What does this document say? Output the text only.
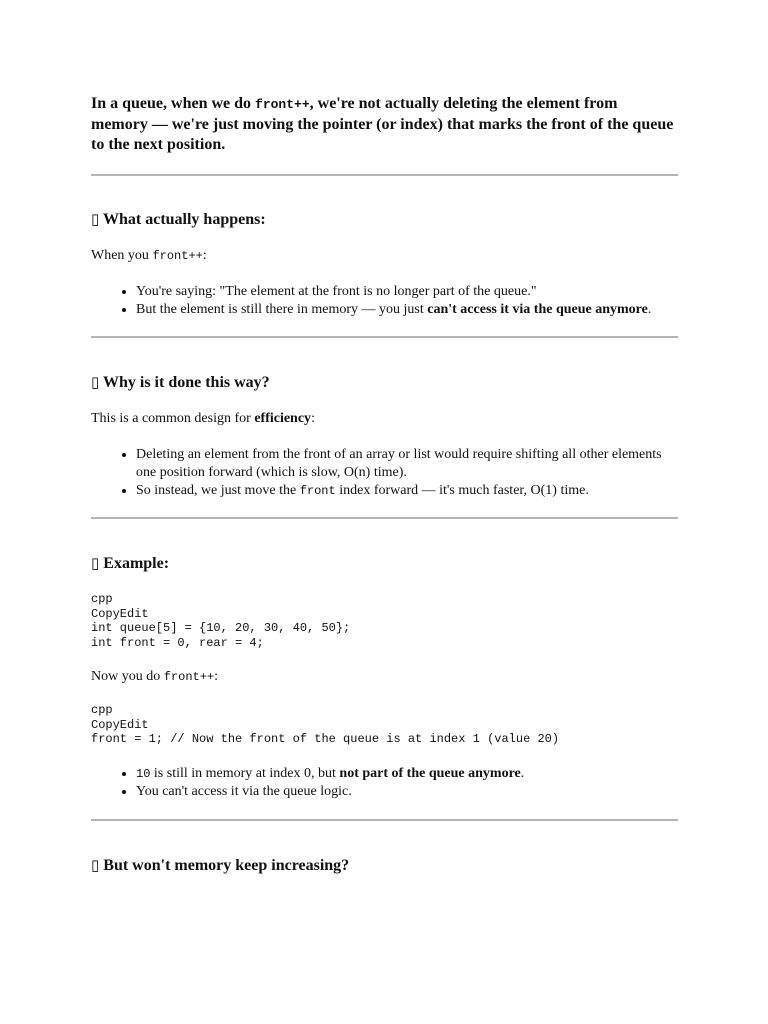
In a queue, when we do front++, we're not actually deleting the element from memory — we're just moving the pointer (or index) that marks the front of the queue to the next position.

▯ What actually happens:

When you front++:

• You're saying: "The element at the front is no longer part of the queue."
• But the element is still there in memory — you just can't access it via the queue anymore.
▯ Why is it done this way?

This is a common design for efficiency:

• Deleting an element from the front of an array or list would require shifting all other elements one position forward (which is slow, O(n) time).
• So instead, we just move the front index forward — it's much faster, O(1) time.
▯ Example:
cpp
CopyEdit
int queue[5] = {10, 20, 30, 40, 50};
int front = 0, rear = 4;

Now you do front++:

cpp
CopyEdit
front = 1; // Now the front of the queue is at index 1 (value 20)
• 10 is still in memory at index 0, but not part of the queue anymore.
• You can't access it via the queue logic.
▯ But won't memory keep increasing?
